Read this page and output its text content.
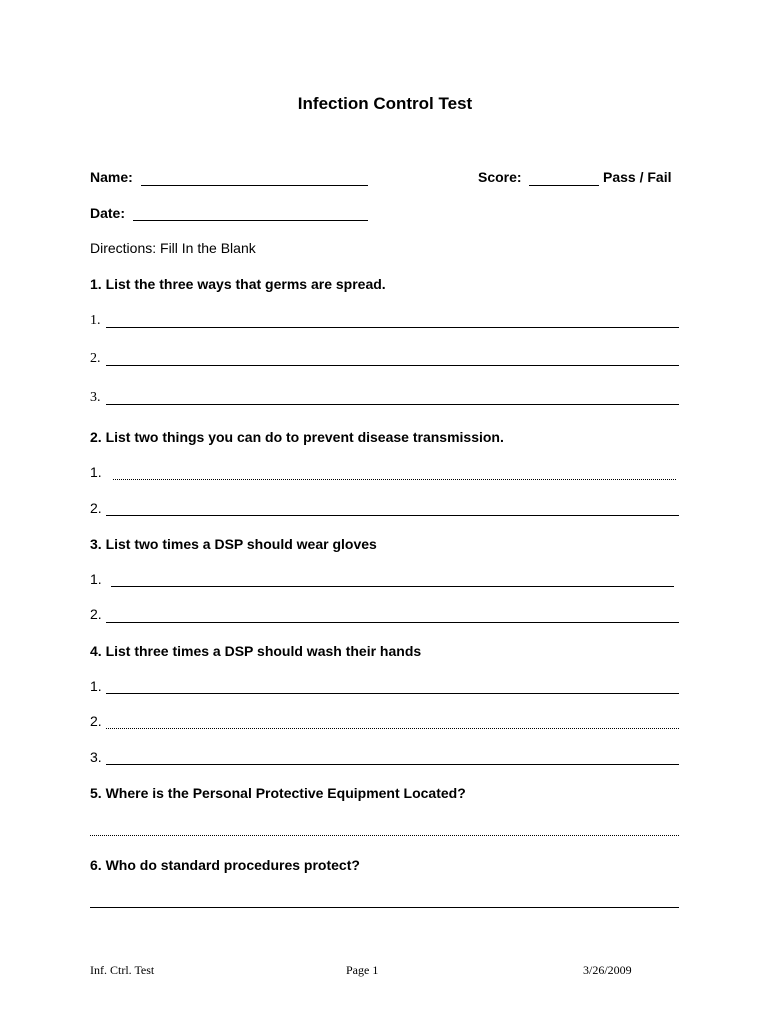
Infection Control Test
Name:	Score:	Pass / Fail
Date:
Directions: Fill In the Blank
1. List the three ways that germs are spread.
1.
2.
3.
2. List two things you can do to prevent disease transmission.
1.
2.
3. List two times a DSP should wear gloves
1.
2.
4. List three times a DSP should wash their hands
1.
2.
3.
5. Where is the Personal Protective Equipment Located?
6. Who do standard procedures protect?
Inf. Ctrl. Test	Page 1	3/26/2009
